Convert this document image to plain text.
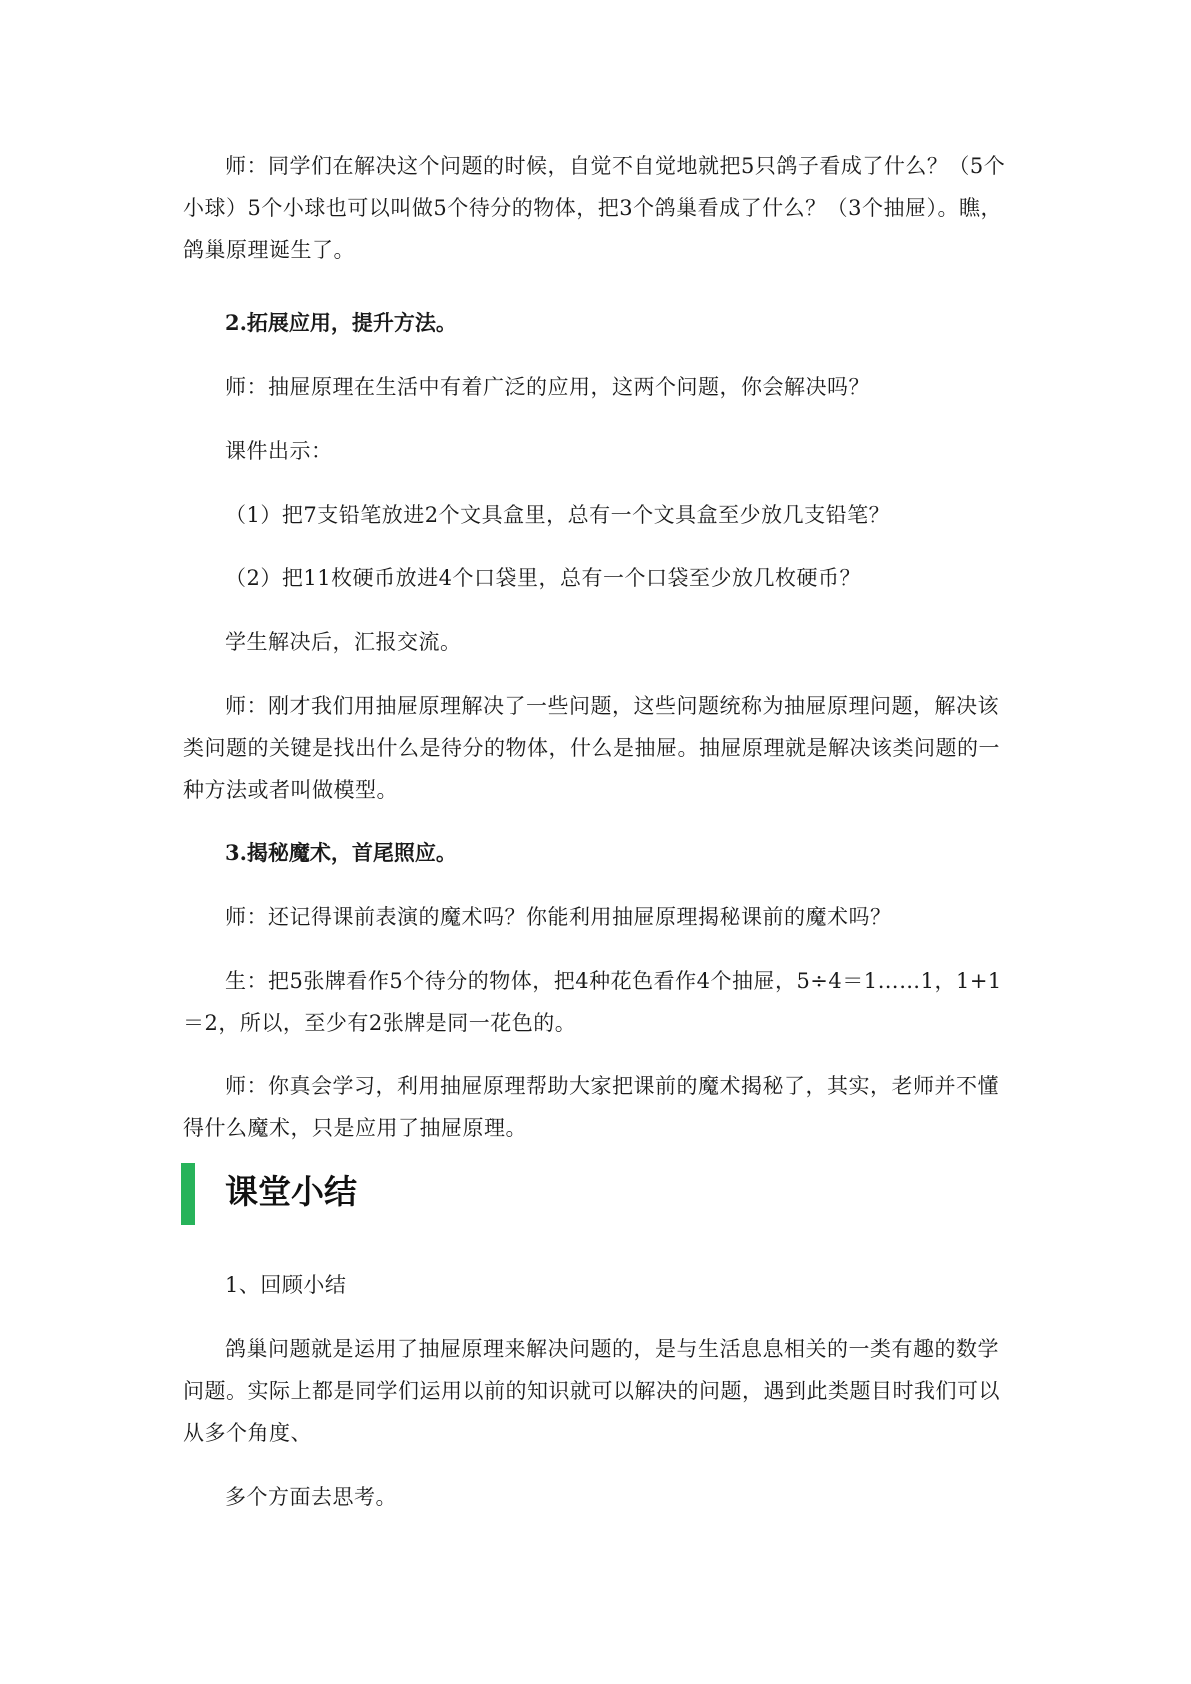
师：同学们在解决这个问题的时候，自觉不自觉地就把5只鸽子看成了什么？（5个小球）5个小球也可以叫做5个待分的物体，把3个鸽巢看成了什么？（3个抽屉）。瞧，鸽巢原理诞生了。

2.拓展应用，提升方法。

师：抽屉原理在生活中有着广泛的应用，这两个问题，你会解决吗？

课件出示：

（1）把7支铅笔放进2个文具盒里，总有一个文具盒至少放几支铅笔？

（2）把11枚硬币放进4个口袋里，总有一个口袋至少放几枚硬币？

学生解决后，汇报交流。

师：刚才我们用抽屉原理解决了一些问题，这些问题统称为抽屉原理问题，解决该类问题的关键是找出什么是待分的物体，什么是抽屉。抽屉原理就是解决该类问题的一种方法或者叫做模型。

3.揭秘魔术，首尾照应。

师：还记得课前表演的魔术吗？你能利用抽屉原理揭秘课前的魔术吗？

生：把5张牌看作5个待分的物体，把4种花色看作4个抽屉，5÷4＝1……1，1+1＝2，所以，至少有2张牌是同一花色的。

师：你真会学习，利用抽屉原理帮助大家把课前的魔术揭秘了，其实，老师并不懂得什么魔术，只是应用了抽屉原理。

课堂小结

1、回顾小结

鸽巢问题就是运用了抽屉原理来解决问题的，是与生活息息相关的一类有趣的数学问题。实际上都是同学们运用以前的知识就可以解决的问题，遇到此类题目时我们可以从多个角度、

多个方面去思考。
